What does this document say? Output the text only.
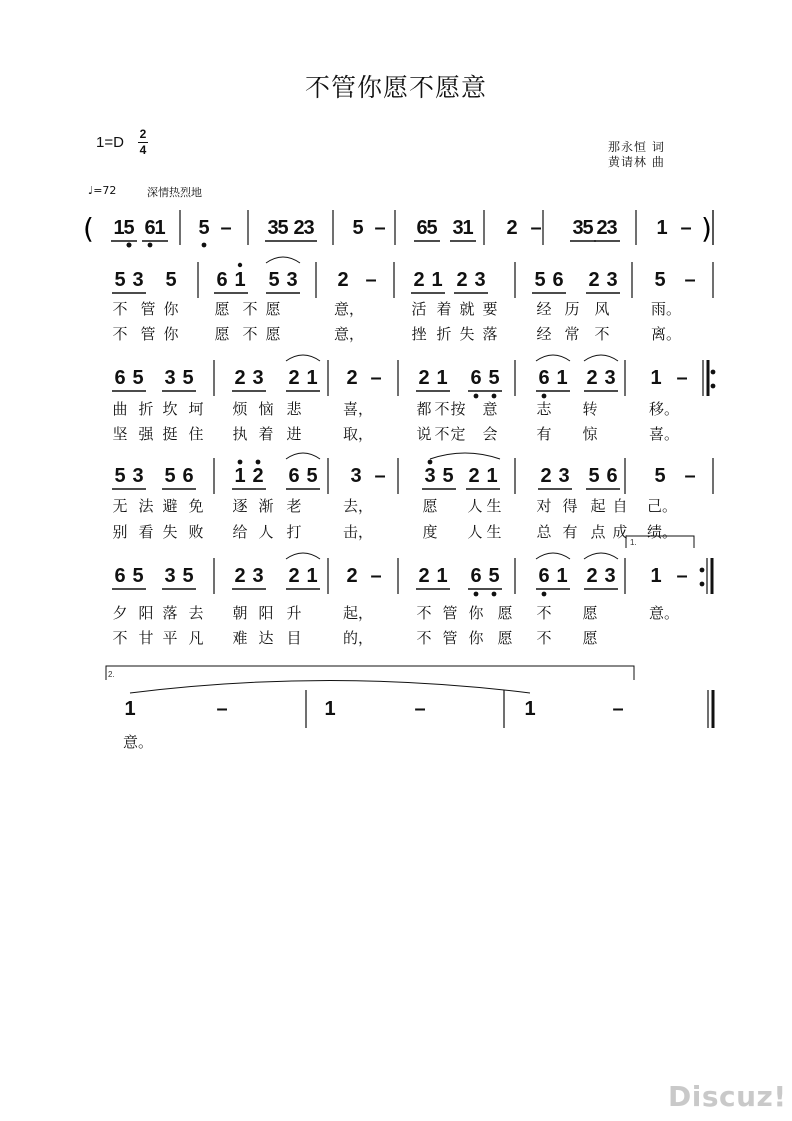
不管你愿不愿意
1=D 2
4	那永恒 词
黄请林 曲
♩=72	深情热烈地
1.
2.
(	)
1
5 6
1 5 – 3
5 2
3 5 – 6
5 3
1 2 – 3
5 2
3 1 –
5 3 5 6 1 5 3 2 – 2 1 2 3 5 6 2 3 5 –
不 管 你 愿 不 愿	意，	活 着 就 要	经 历 风	雨。
不 管 你 愿 不 愿	意，	挫 折 失 落	经 常 不	离。
6 5 3 5 2 3 2 1 2 – 2 1 6 5 6 1 2 3 1 –
曲 折 坎 坷 烦 恼 悲	喜，	都 不 按 意	志 转	移。
坚 强 挺 住 执 着 进	取，	说 不 定 会	有 惊	喜。
5 3 5 6 1 2 6 5 3 – 3 5 2 1 2 3 5 6 5 –
无 法 避 免 逐 渐 老	去，	愿 人 生 对 得 起 自 己。
别 看 失 败 给 人 打	击，	度 人 生 总 有 点 成 绩。
6 5 3 5 2 3 2 1 2 – 2 1 6 5 6 1 2 3 1 –
夕 阳 落 去 朝 阳 升	起，	不 管 你 愿 不 愿	意。
不 甘 平 凡 难 达 目	的，	不 管 你 愿 不 愿
1	–	1	–	1	–
意。
Discuz!
